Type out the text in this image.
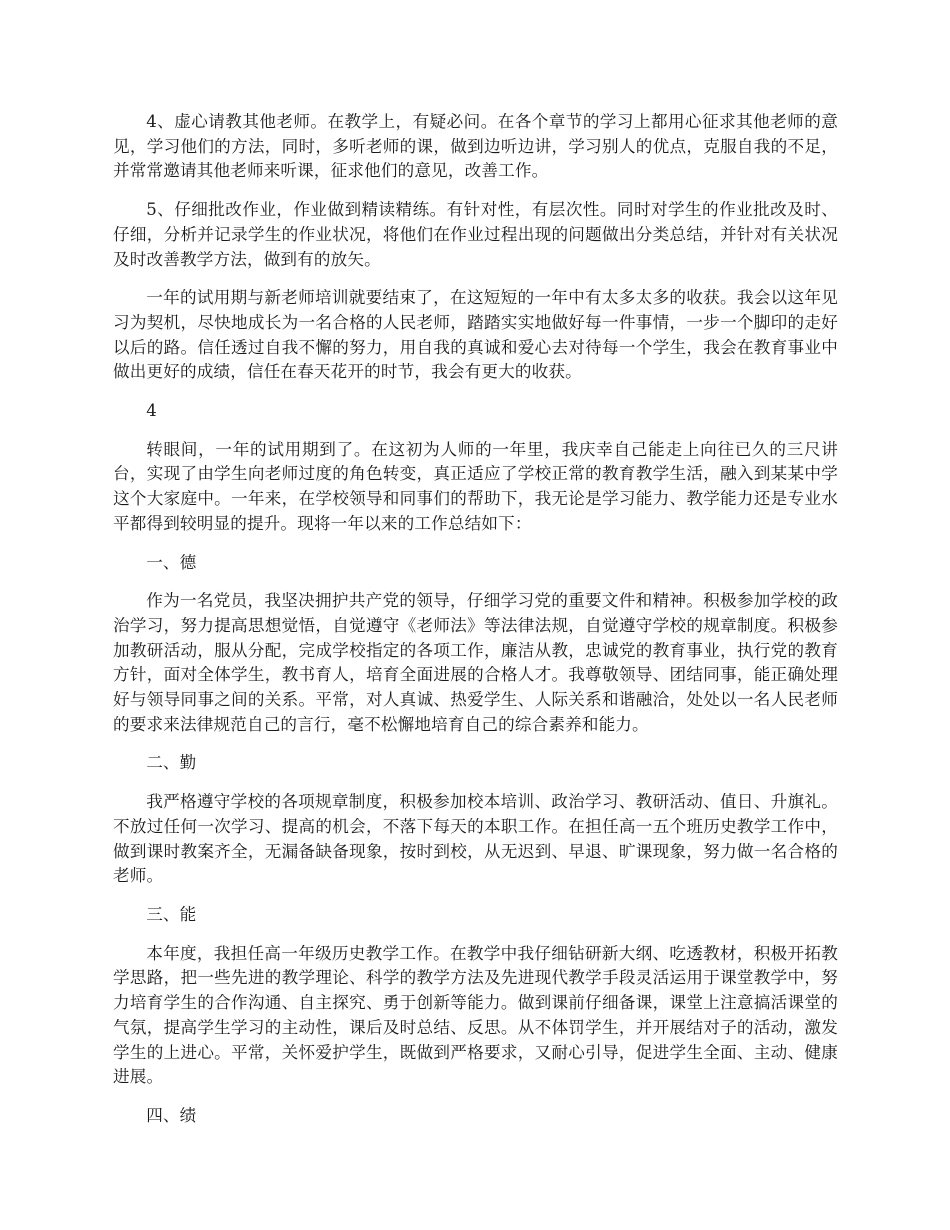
4、虚心请教其他老师。在教学上，有疑必问。在各个章节的学习上都用心征求其他老师的意见，学习他们的方法，同时，多听老师的课，做到边听边讲，学习别人的优点，克服自我的不足，并常常邀请其他老师来听课，征求他们的意见，改善工作。

5、仔细批改作业，作业做到精读精练。有针对性，有层次性。同时对学生的作业批改及时、仔细，分析并记录学生的作业状况，将他们在作业过程出现的问题做出分类总结，并针对有关状况及时改善教学方法，做到有的放矢。

一年的试用期与新老师培训就要结束了，在这短短的一年中有太多太多的收获。我会以这年见习为契机，尽快地成长为一名合格的人民老师，踏踏实实地做好每一件事情，一步一个脚印的走好以后的路。信任透过自我不懈的努力，用自我的真诚和爱心去对待每一个学生，我会在教育事业中做出更好的成绩，信任在春天花开的时节，我会有更大的收获。

4

转眼间，一年的试用期到了。在这初为人师的一年里，我庆幸自己能走上向往已久的三尺讲台，实现了由学生向老师过度的角色转变，真正适应了学校正常的教育教学生活，融入到某某中学这个大家庭中。一年来，在学校领导和同事们的帮助下，我无论是学习能力、教学能力还是专业水平都得到较明显的提升。现将一年以来的工作总结如下：

一、德

作为一名党员，我坚决拥护共产党的领导，仔细学习党的重要文件和精神。积极参加学校的政治学习，努力提高思想觉悟，自觉遵守《老师法》等法律法规，自觉遵守学校的规章制度。积极参加教研活动，服从分配，完成学校指定的各项工作，廉洁从教，忠诚党的教育事业，执行党的教育方针，面对全体学生，教书育人，培育全面进展的合格人才。我尊敬领导、团结同事，能正确处理好与领导同事之间的关系。平常，对人真诚、热爱学生、人际关系和谐融洽，处处以一名人民老师的要求来法律规范自己的言行，毫不松懈地培育自己的综合素养和能力。

二、勤

我严格遵守学校的各项规章制度，积极参加校本培训、政治学习、教研活动、值日、升旗礼。不放过任何一次学习、提高的机会，不落下每天的本职工作。在担任高一五个班历史教学工作中，做到课时教案齐全，无漏备缺备现象，按时到校，从无迟到、早退、旷课现象，努力做一名合格的老师。

三、能

本年度，我担任高一年级历史教学工作。在教学中我仔细钻研新大纲、吃透教材，积极开拓教学思路，把一些先进的教学理论、科学的教学方法及先进现代教学手段灵活运用于课堂教学中，努力培育学生的合作沟通、自主探究、勇于创新等能力。做到课前仔细备课，课堂上注意搞活课堂的气氛，提高学生学习的主动性，课后及时总结、反思。从不体罚学生，并开展结对子的活动，激发学生的上进心。平常，关怀爱护学生，既做到严格要求，又耐心引导，促进学生全面、主动、健康进展。

四、绩
